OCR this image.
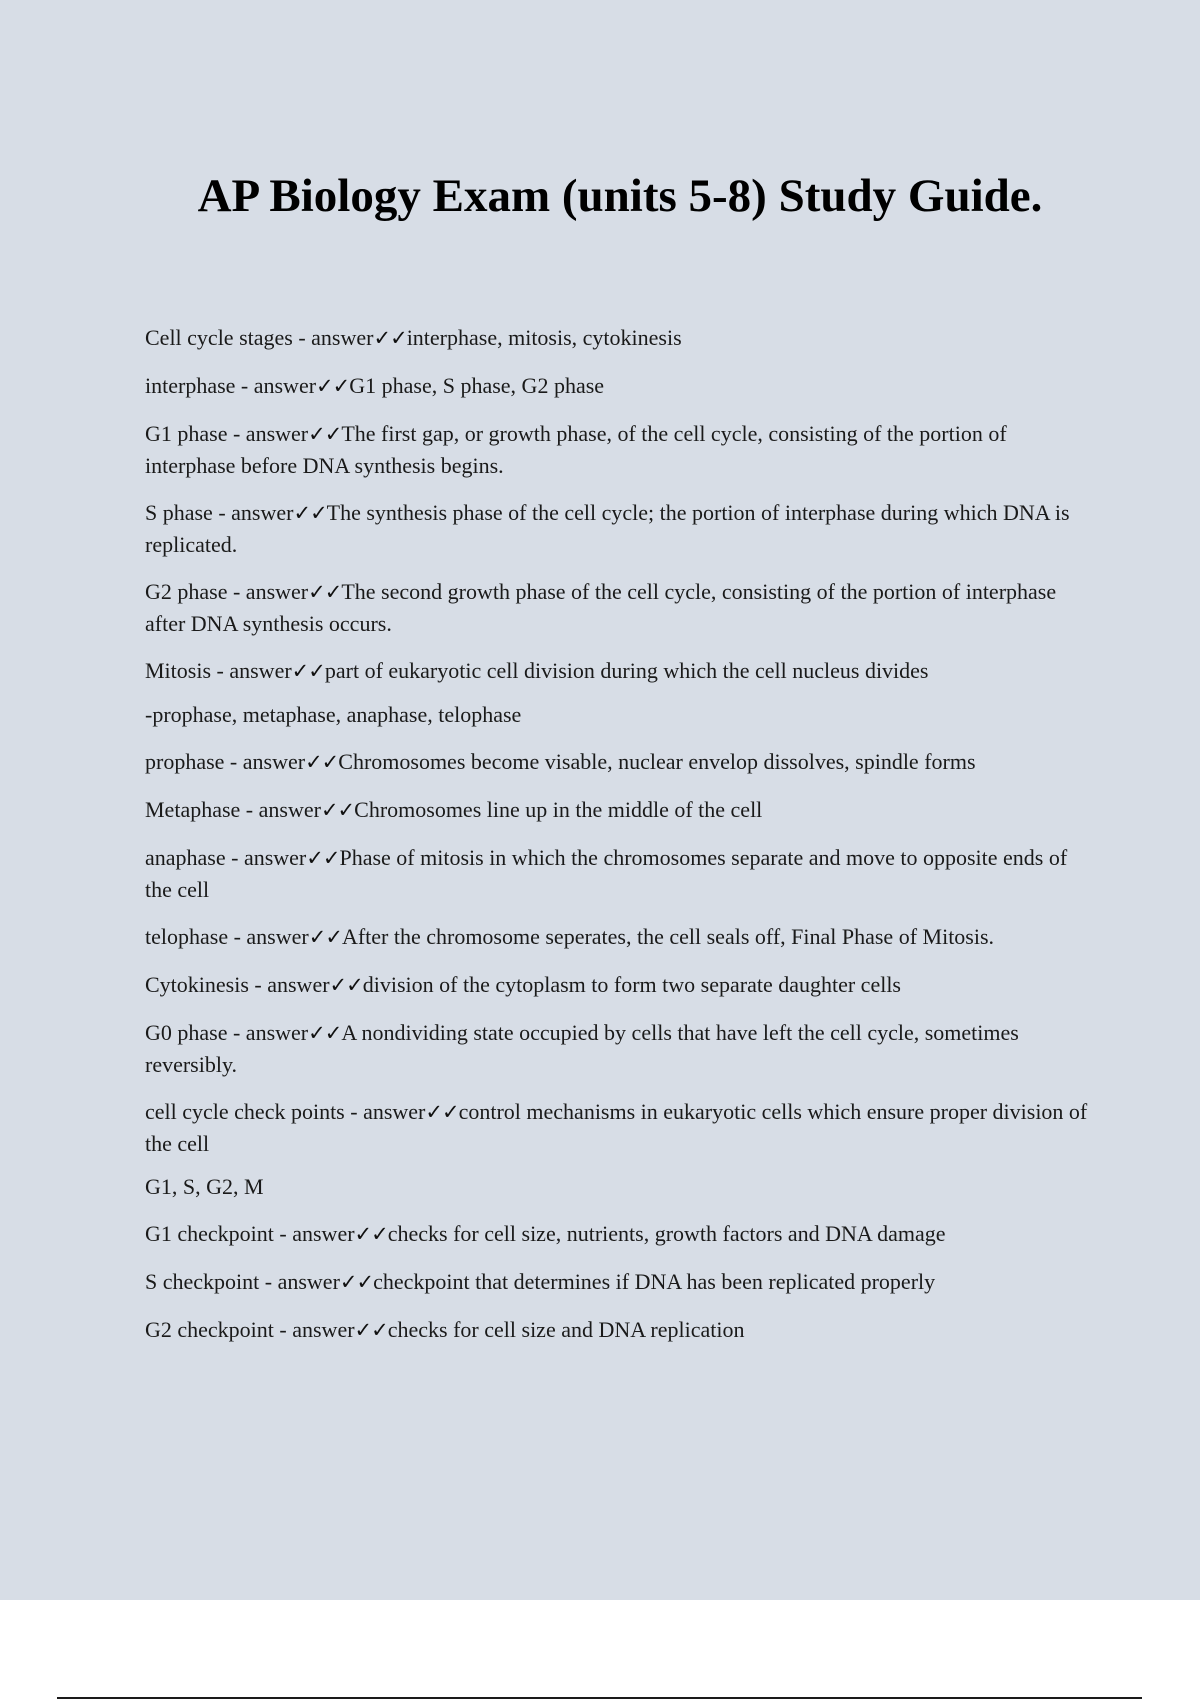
AP Biology Exam (units 5-8) Study Guide.
Cell cycle stages - answer✓✓interphase, mitosis, cytokinesis
interphase - answer✓✓G1 phase, S phase, G2 phase
G1 phase - answer✓✓The first gap, or growth phase, of the cell cycle, consisting of the portion of interphase before DNA synthesis begins.
S phase - answer✓✓The synthesis phase of the cell cycle; the portion of interphase during which DNA is replicated.
G2 phase - answer✓✓The second growth phase of the cell cycle, consisting of the portion of interphase after DNA synthesis occurs.
Mitosis - answer✓✓part of eukaryotic cell division during which the cell nucleus divides
-prophase, metaphase, anaphase, telophase
prophase - answer✓✓Chromosomes become visable, nuclear envelop dissolves, spindle forms
Metaphase - answer✓✓Chromosomes line up in the middle of the cell
anaphase - answer✓✓Phase of mitosis in which the chromosomes separate and move to opposite ends of the cell
telophase - answer✓✓After the chromosome seperates, the cell seals off, Final Phase of Mitosis.
Cytokinesis - answer✓✓division of the cytoplasm to form two separate daughter cells
G0 phase - answer✓✓A nondividing state occupied by cells that have left the cell cycle, sometimes reversibly.
cell cycle check points - answer✓✓control mechanisms in eukaryotic cells which ensure proper division of the cell
G1, S, G2, M
G1 checkpoint - answer✓✓checks for cell size, nutrients, growth factors and DNA damage
S checkpoint - answer✓✓checkpoint that determines if DNA has been replicated properly
G2 checkpoint - answer✓✓checks for cell size and DNA replication
